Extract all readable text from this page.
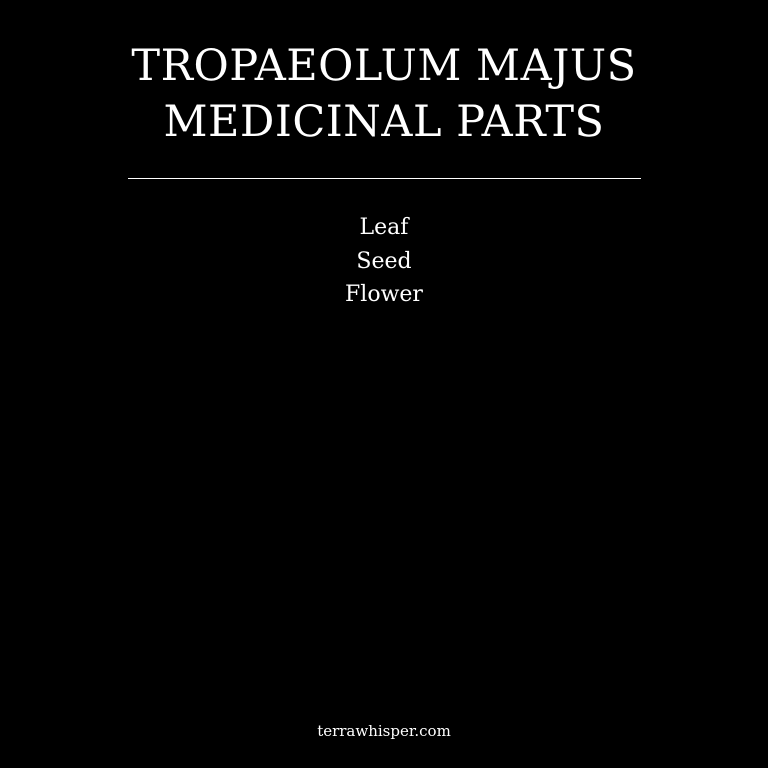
TROPAEOLUM MAJUS
MEDICINAL PARTS
Leaf
Seed
Flower
terrawhisper.com
